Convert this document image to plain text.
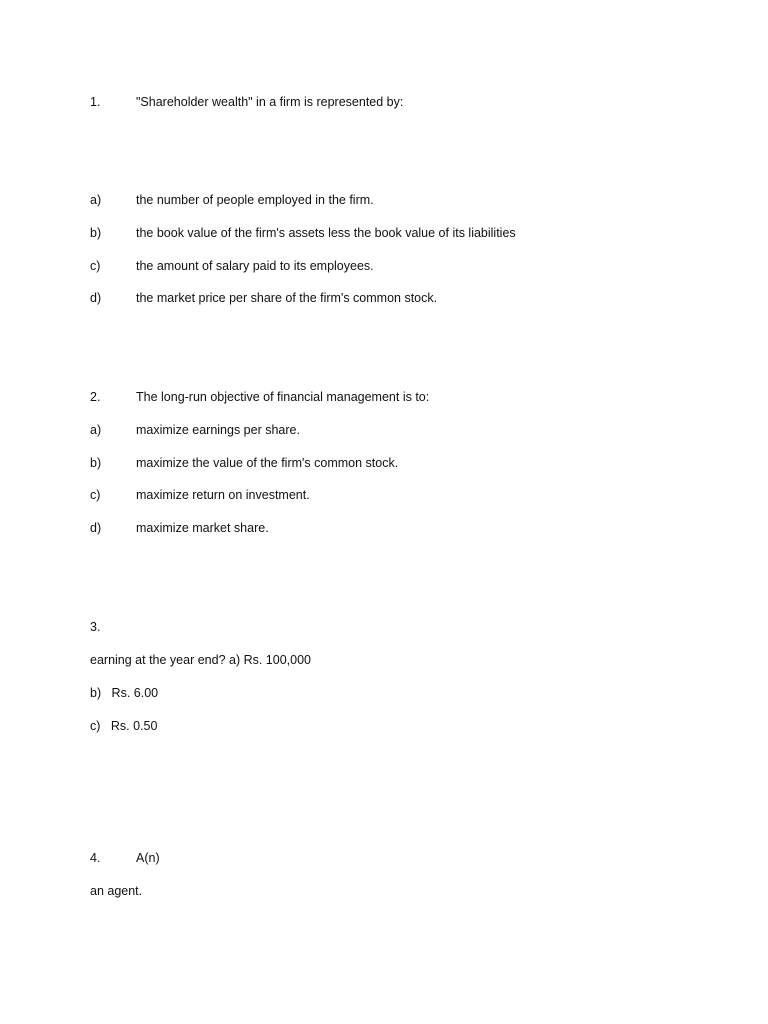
1.	"Shareholder wealth" in a firm is represented by:
a)	the number of people employed in the firm.
b)	the book value of the firm's assets less the book value of its liabilities
c)	the amount of salary paid to its employees.
d)	the market price per share of the firm's common stock.
2.	The long-run objective of financial management is to:
a)	maximize earnings per share.
b)	maximize the value of the firm's common stock.
c)	maximize return on investment.
d)	maximize market share.
3.
earning at the year end? a) Rs. 100,000
b) Rs. 6.00
c) Rs. 0.50
4.	A(n)
an agent.
